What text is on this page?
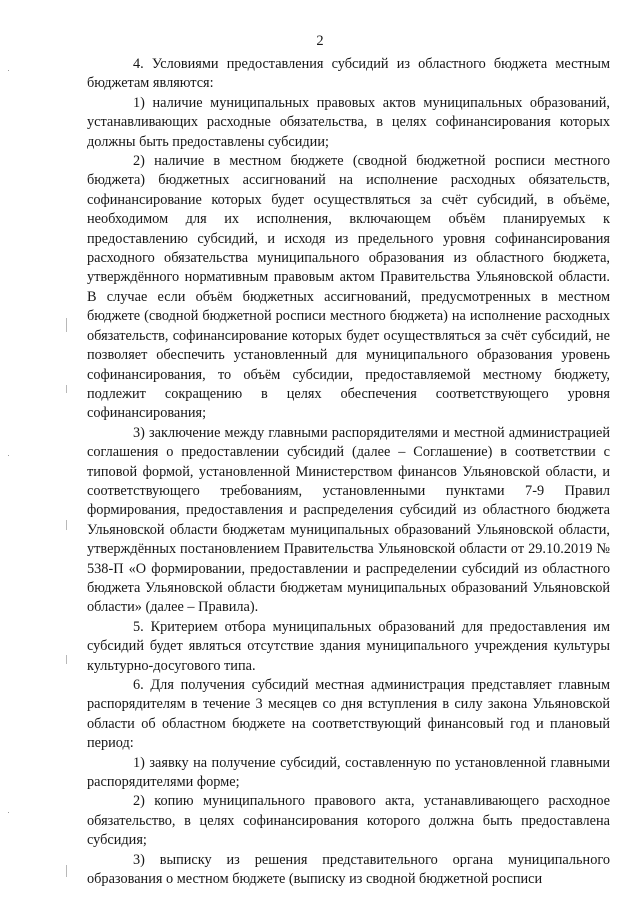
2

4. Условиями предоставления субсидий из областного бюджета местным бюджетам являются:

1) наличие муниципальных правовых актов муниципальных образований, устанавливающих расходные обязательства, в целях софинансирования которых должны быть предоставлены субсидии;

2) наличие в местном бюджете (сводной бюджетной росписи местного бюджета) бюджетных ассигнований на исполнение расходных обязательств, софинансирование которых будет осуществляться за счёт субсидий, в объёме, необходимом для их исполнения, включающем объём планируемых к предоставлению субсидий, и исходя из предельного уровня софинансирования расходного обязательства муниципального образования из областного бюджета, утверждённого нормативным правовым актом Правительства Ульяновской области. В случае если объём бюджетных ассигнований, предусмотренных в местном бюджете (сводной бюджетной росписи местного бюджета) на исполнение расходных обязательств, софинансирование которых будет осуществляться за счёт субсидий, не позволяет обеспечить установленный для муниципального образования уровень софинансирования, то объём субсидии, предоставляемой местному бюджету, подлежит сокращению в целях обеспечения соответствующего уровня софинансирования;

3) заключение между главными распорядителями и местной администрацией соглашения о предоставлении субсидий (далее – Соглашение) в соответствии с типовой формой, установленной Министерством финансов Ульяновской области, и соответствующего требованиям, установленными пунктами 7-9 Правил формирования, предоставления и распределения субсидий из областного бюджета Ульяновской области бюджетам муниципальных образований Ульяновской области, утверждённых постановлением Правительства Ульяновской области от 29.10.2019 № 538-П «О формировании, предоставлении и распределении субсидий из областного бюджета Ульяновской области бюджетам муниципальных образований Ульяновской области» (далее – Правила).

5. Критерием отбора муниципальных образований для предоставления им субсидий будет являться отсутствие здания муниципального учреждения культуры культурно-досугового типа.

6. Для получения субсидий местная администрация представляет главным распорядителям в течение 3 месяцев со дня вступления в силу закона Ульяновской области об областном бюджете на соответствующий финансовый год и плановый период:

1) заявку на получение субсидий, составленную по установленной главными распорядителями форме;

2) копию муниципального правового акта, устанавливающего расходное обязательство, в целях софинансирования которого должна быть предоставлена субсидия;

3) выписку из решения представительного органа муниципального образования о местном бюджете (выписку из сводной бюджетной росписи
